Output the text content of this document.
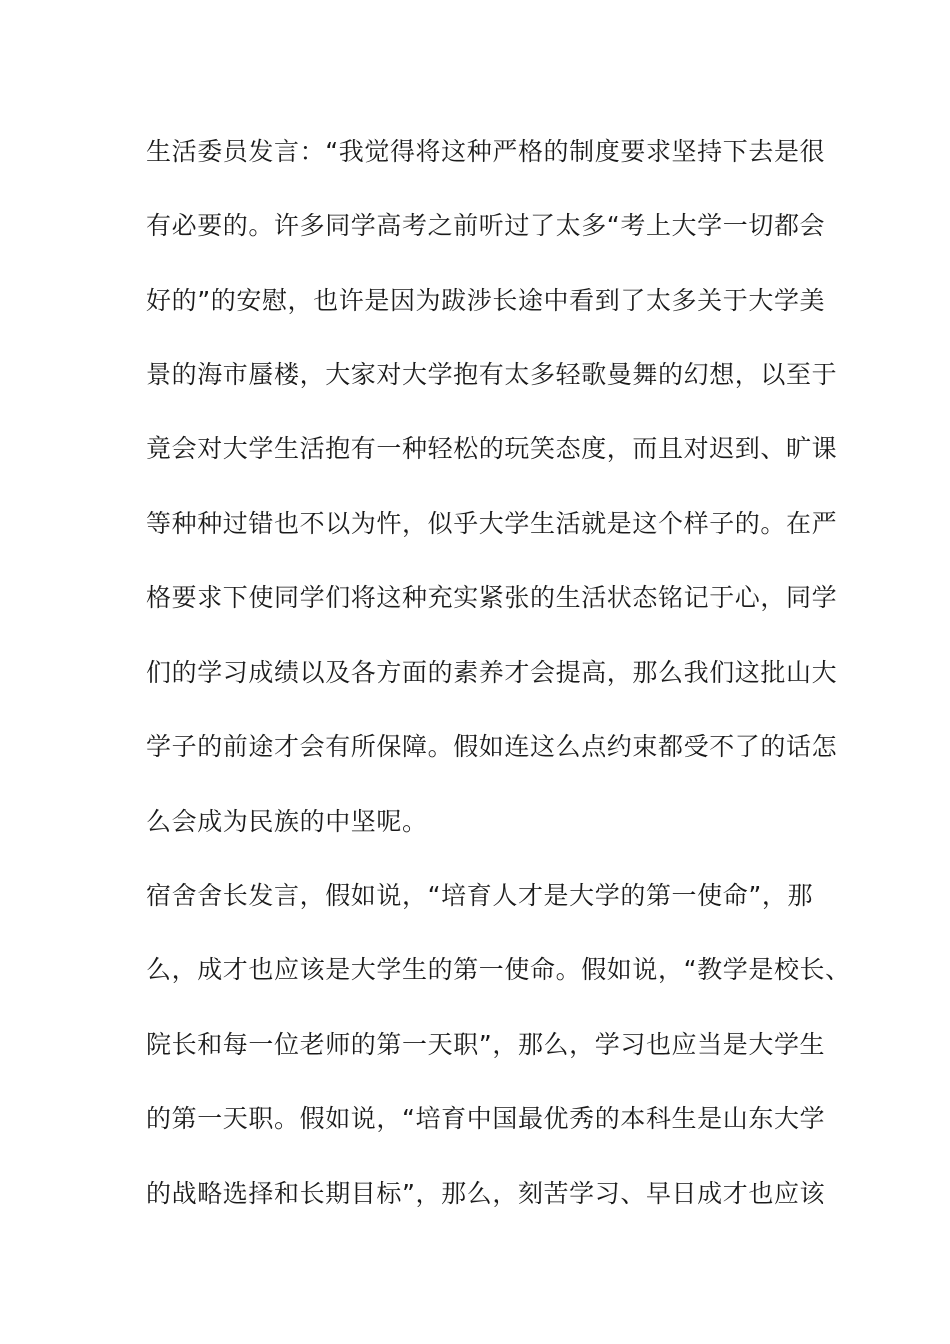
生活委员发言：“我觉得将这种严格的制度要求坚持下去是很
有必要的。许多同学高考之前听过了太多“考上大学一切都会
好的”的安慰，也许是因为跋涉长途中看到了太多关于大学美
景的海市蜃楼，大家对大学抱有太多轻歌曼舞的幻想，以至于
竟会对大学生活抱有一种轻松的玩笑态度，而且对迟到、旷课
等种种过错也不以为忤，似乎大学生活就是这个样子的。在严
格要求下使同学们将这种充实紧张的生活状态铭记于心，同学
们的学习成绩以及各方面的素养才会提高，那么我们这批山大
学子的前途才会有所保障。假如连这么点约束都受不了的话怎
么会成为民族的中坚呢。
宿舍舍长发言，假如说，“培育人才是大学的第一使命”，那
么，成才也应该是大学生的第一使命。假如说，“教学是校长、
院长和每一位老师的第一天职”，那么，学习也应当是大学生
的第一天职。假如说，“培育中国最优秀的本科生是山东大学
的战略选择和长期目标”，那么，刻苦学习、早日成才也应该
